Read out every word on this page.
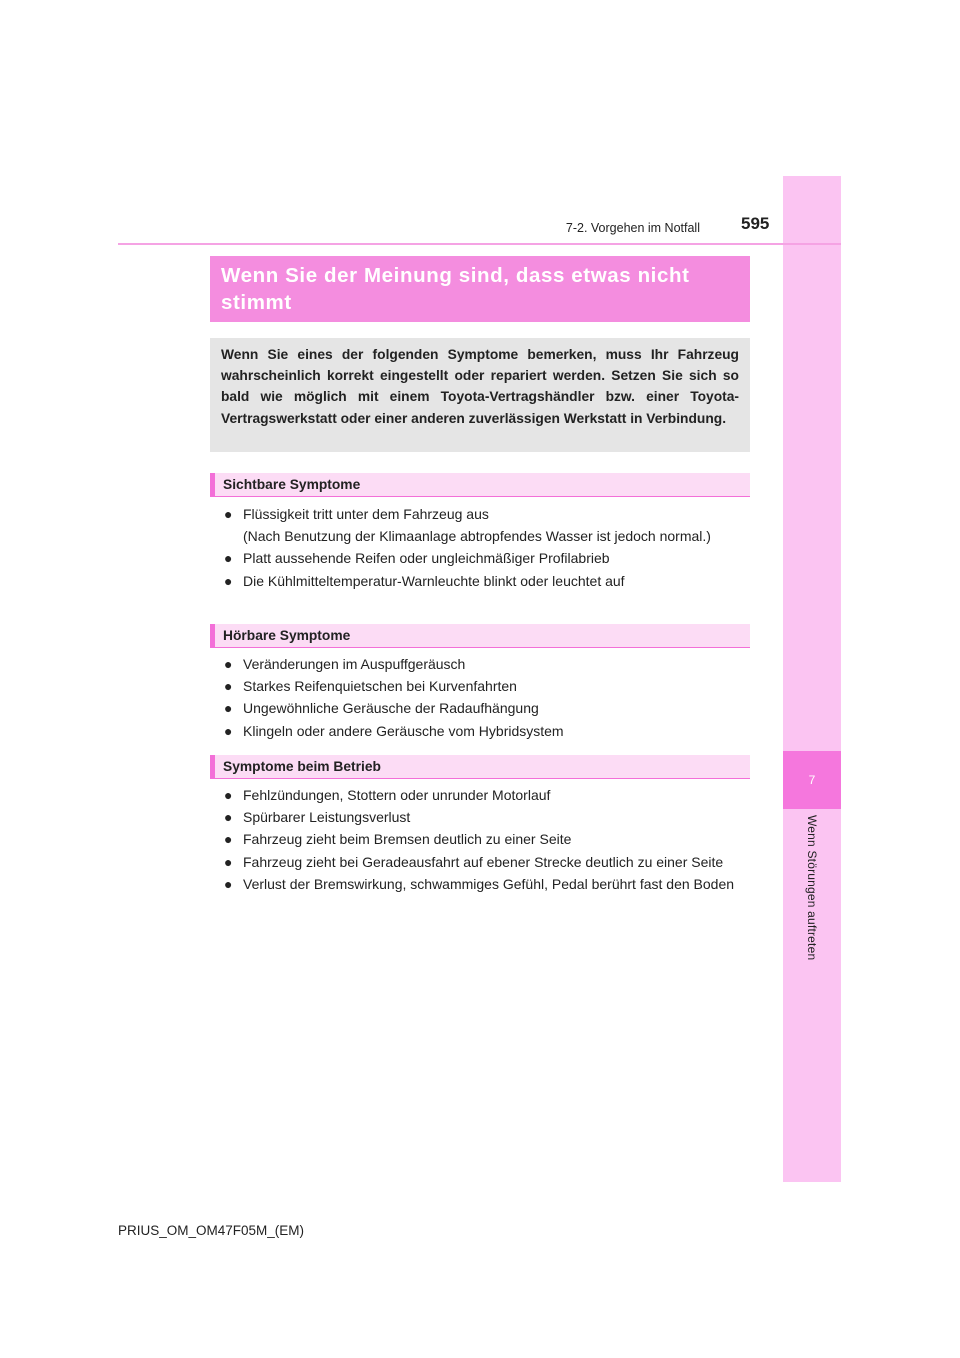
7
Wenn Störungen auftreten
7-2. Vorgehen im Notfall 595
Wenn Sie der Meinung sind, dass etwas nicht
stimmt
Wenn Sie eines der folgenden Symptome bemerken, muss Ihr Fahrzeug wahrscheinlich korrekt eingestellt oder repariert werden. Setzen Sie sich so bald wie möglich mit einem Toyota-Vertragshändler bzw. einer Toyota-Vertragswerkstatt oder einer anderen zuverlässigen Werkstatt in Verbindung.
Sichtbare Symptome
● Flüssigkeit tritt unter dem Fahrzeug aus
(Nach Benutzung der Klimaanlage abtropfendes Wasser ist jedoch normal.)
● Platt aussehende Reifen oder ungleichmäßiger Profilabrieb
● Die Kühlmitteltemperatur-Warnleuchte blinkt oder leuchtet auf
Hörbare Symptome
● Veränderungen im Auspuffgeräusch
● Starkes Reifenquietschen bei Kurvenfahrten
● Ungewöhnliche Geräusche der Radaufhängung
● Klingeln oder andere Geräusche vom Hybridsystem
Symptome beim Betrieb
● Fehlzündungen, Stottern oder unrunder Motorlauf
● Spürbarer Leistungsverlust
● Fahrzeug zieht beim Bremsen deutlich zu einer Seite
● Fahrzeug zieht bei Geradeausfahrt auf ebener Strecke deutlich zu einer Seite
● Verlust der Bremswirkung, schwammiges Gefühl, Pedal berührt fast den Boden
PRIUS_OM_OM47F05M_(EM)
